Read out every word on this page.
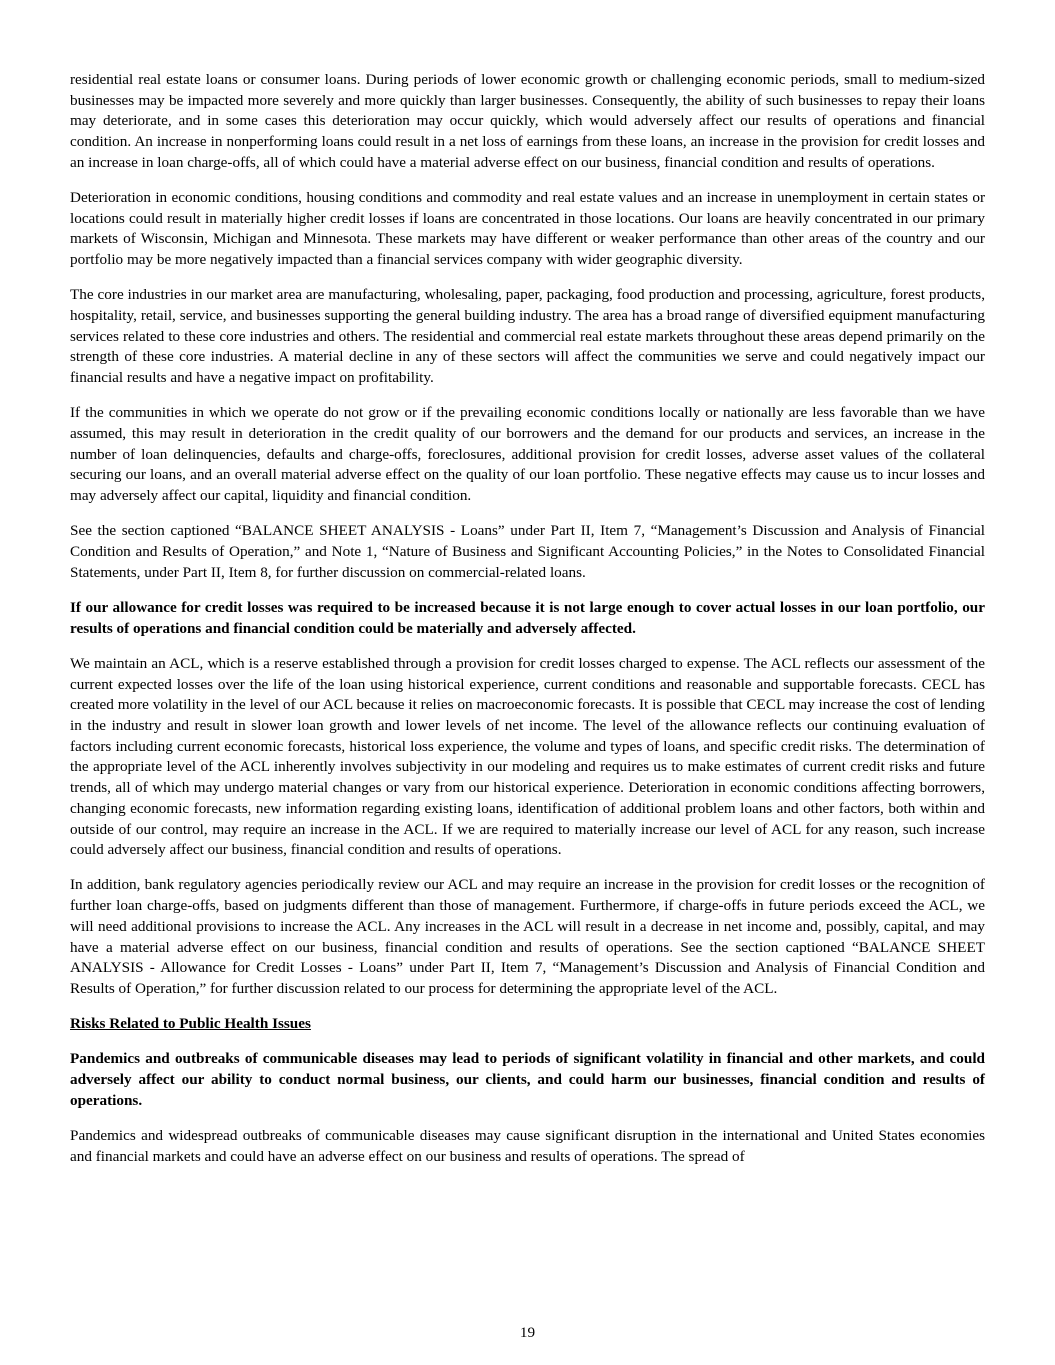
residential real estate loans or consumer loans. During periods of lower economic growth or challenging economic periods, small to medium-sized businesses may be impacted more severely and more quickly than larger businesses. Consequently, the ability of such businesses to repay their loans may deteriorate, and in some cases this deterioration may occur quickly, which would adversely affect our results of operations and financial condition. An increase in nonperforming loans could result in a net loss of earnings from these loans, an increase in the provision for credit losses and an increase in loan charge-offs, all of which could have a material adverse effect on our business, financial condition and results of operations.

Deterioration in economic conditions, housing conditions and commodity and real estate values and an increase in unemployment in certain states or locations could result in materially higher credit losses if loans are concentrated in those locations. Our loans are heavily concentrated in our primary markets of Wisconsin, Michigan and Minnesota. These markets may have different or weaker performance than other areas of the country and our portfolio may be more negatively impacted than a financial services company with wider geographic diversity.

The core industries in our market area are manufacturing, wholesaling, paper, packaging, food production and processing, agriculture, forest products, hospitality, retail, service, and businesses supporting the general building industry. The area has a broad range of diversified equipment manufacturing services related to these core industries and others. The residential and commercial real estate markets throughout these areas depend primarily on the strength of these core industries. A material decline in any of these sectors will affect the communities we serve and could negatively impact our financial results and have a negative impact on profitability.

If the communities in which we operate do not grow or if the prevailing economic conditions locally or nationally are less favorable than we have assumed, this may result in deterioration in the credit quality of our borrowers and the demand for our products and services, an increase in the number of loan delinquencies, defaults and charge-offs, foreclosures, additional provision for credit losses, adverse asset values of the collateral securing our loans, and an overall material adverse effect on the quality of our loan portfolio. These negative effects may cause us to incur losses and may adversely affect our capital, liquidity and financial condition.

See the section captioned “BALANCE SHEET ANALYSIS - Loans” under Part II, Item 7, “Management’s Discussion and Analysis of Financial Condition and Results of Operation,” and Note 1, “Nature of Business and Significant Accounting Policies,” in the Notes to Consolidated Financial Statements, under Part II, Item 8, for further discussion on commercial-related loans.

If our allowance for credit losses was required to be increased because it is not large enough to cover actual losses in our loan portfolio, our results of operations and financial condition could be materially and adversely affected.

We maintain an ACL, which is a reserve established through a provision for credit losses charged to expense. The ACL reflects our assessment of the current expected losses over the life of the loan using historical experience, current conditions and reasonable and supportable forecasts. CECL has created more volatility in the level of our ACL because it relies on macroeconomic forecasts. It is possible that CECL may increase the cost of lending in the industry and result in slower loan growth and lower levels of net income. The level of the allowance reflects our continuing evaluation of factors including current economic forecasts, historical loss experience, the volume and types of loans, and specific credit risks. The determination of the appropriate level of the ACL inherently involves subjectivity in our modeling and requires us to make estimates of current credit risks and future trends, all of which may undergo material changes or vary from our historical experience. Deterioration in economic conditions affecting borrowers, changing economic forecasts, new information regarding existing loans, identification of additional problem loans and other factors, both within and outside of our control, may require an increase in the ACL. If we are required to materially increase our level of ACL for any reason, such increase could adversely affect our business, financial condition and results of operations.

In addition, bank regulatory agencies periodically review our ACL and may require an increase in the provision for credit losses or the recognition of further loan charge-offs, based on judgments different than those of management. Furthermore, if charge-offs in future periods exceed the ACL, we will need additional provisions to increase the ACL. Any increases in the ACL will result in a decrease in net income and, possibly, capital, and may have a material adverse effect on our business, financial condition and results of operations. See the section captioned “BALANCE SHEET ANALYSIS - Allowance for Credit Losses - Loans” under Part II, Item 7, “Management’s Discussion and Analysis of Financial Condition and Results of Operation,” for further discussion related to our process for determining the appropriate level of the ACL.

Risks Related to Public Health Issues

Pandemics and outbreaks of communicable diseases may lead to periods of significant volatility in financial and other markets, and could adversely affect our ability to conduct normal business, our clients, and could harm our businesses, financial condition and results of operations.

Pandemics and widespread outbreaks of communicable diseases may cause significant disruption in the international and United States economies and financial markets and could have an adverse effect on our business and results of operations. The spread of

19
